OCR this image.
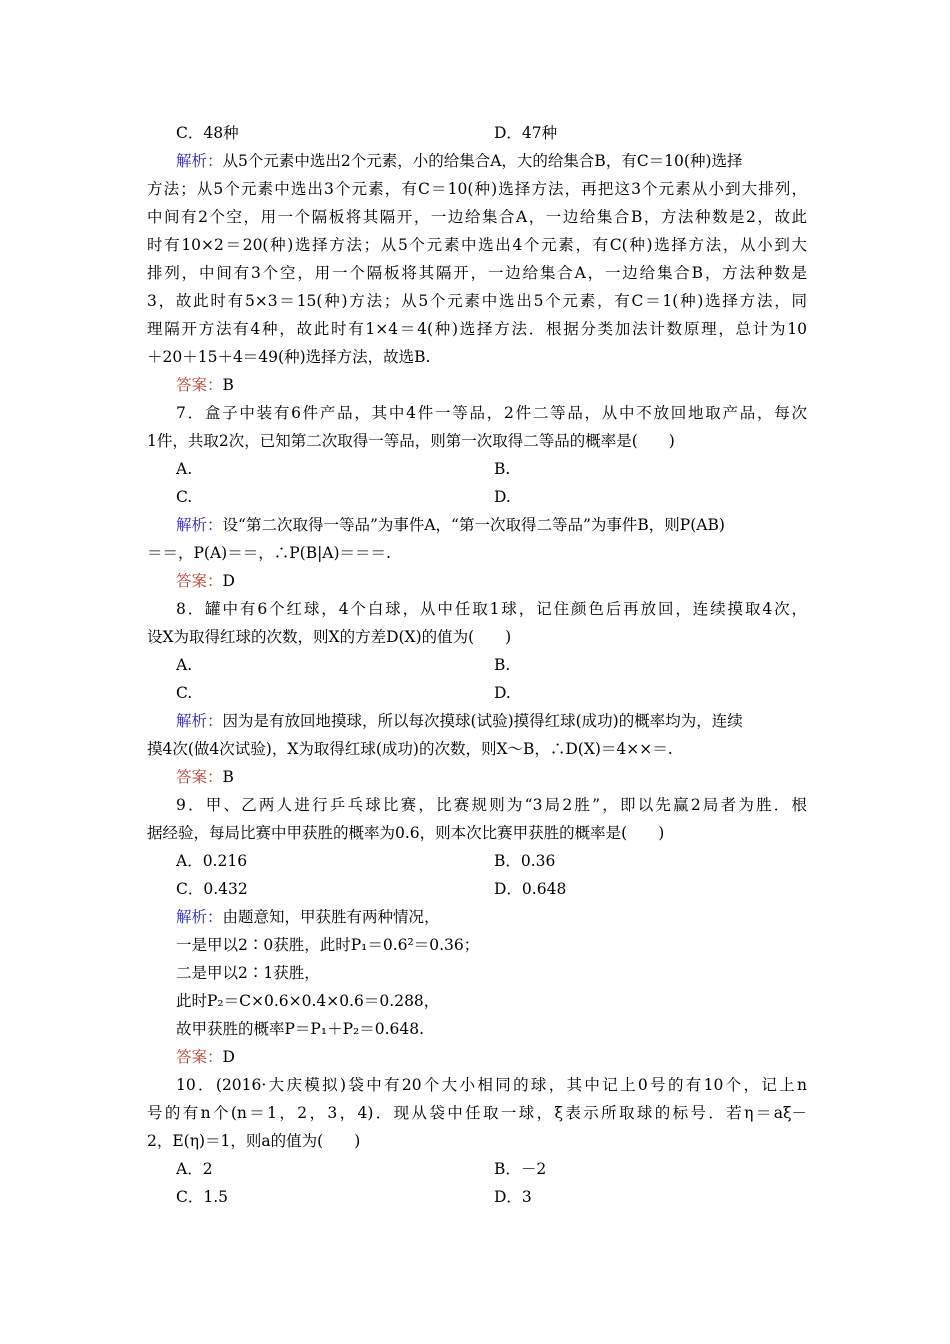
C．48种	D．47种
解析：从5个元素中选出2个元素，小的给集合A，大的给集合B，有C＝10(种)选择
方法；从5个元素中选出3个元素，有C＝10(种)选择方法，再把这3个元素从小到大排列，
中间有2个空，用一个隔板将其隔开，一边给集合A，一边给集合B，方法种数是2，故此
时有10×2＝20(种)选择方法；从5个元素中选出4个元素，有C(种)选择方法，从小到大
排列，中间有3个空，用一个隔板将其隔开，一边给集合A，一边给集合B，方法种数是
3，故此时有5×3＝15(种)方法；从5个元素中选出5个元素，有C＝1(种)选择方法，同
理隔开方法有4种，故此时有1×4＝4(种)选择方法．根据分类加法计数原理，总计为10
＋20＋15＋4＝49(种)选择方法，故选B.
答案：B
7．盒子中装有6件产品，其中4件一等品，2件二等品，从中不放回地取产品，每次
1件，共取2次，已知第二次取得一等品，则第一次取得二等品的概率是(　　)
A.	B.
C.	D.
解析：设“第二次取得一等品”为事件A，“第一次取得二等品”为事件B，则P(AB)
＝＝，P(A)＝＝，∴P(B|A)＝＝＝.
答案：D
8．罐中有6个红球，4个白球，从中任取1球，记住颜色后再放回，连续摸取4次，
设X为取得红球的次数，则X的方差D(X)的值为(　　)
A.	B.
C.	D.
解析：因为是有放回地摸球，所以每次摸球(试验)摸得红球(成功)的概率均为，连续
摸4次(做4次试验)，X为取得红球(成功)的次数，则X～B，∴D(X)＝4××＝.
答案：B
9．甲、乙两人进行乒乓球比赛，比赛规则为“3局2胜”，即以先赢2局者为胜．根
据经验，每局比赛中甲获胜的概率为0.6，则本次比赛甲获胜的概率是(　　)
A．0.216	B．0.36
C．0.432	D．0.648
解析：由题意知，甲获胜有两种情况，
一是甲以2∶0获胜，此时P₁＝0.6²＝0.36；
二是甲以2∶1获胜，
此时P₂＝C×0.6×0.4×0.6＝0.288，
故甲获胜的概率P＝P₁＋P₂＝0.648.
答案：D
10．(2016·大庆模拟)袋中有20个大小相同的球，其中记上0号的有10个，记上n
号的有n个(n＝1，2，3，4)．现从袋中任取一球，ξ表示所取球的标号．若η＝aξ－
2，E(η)＝1，则a的值为(　　)
A．2	B．－2
C．1.5	D．3
